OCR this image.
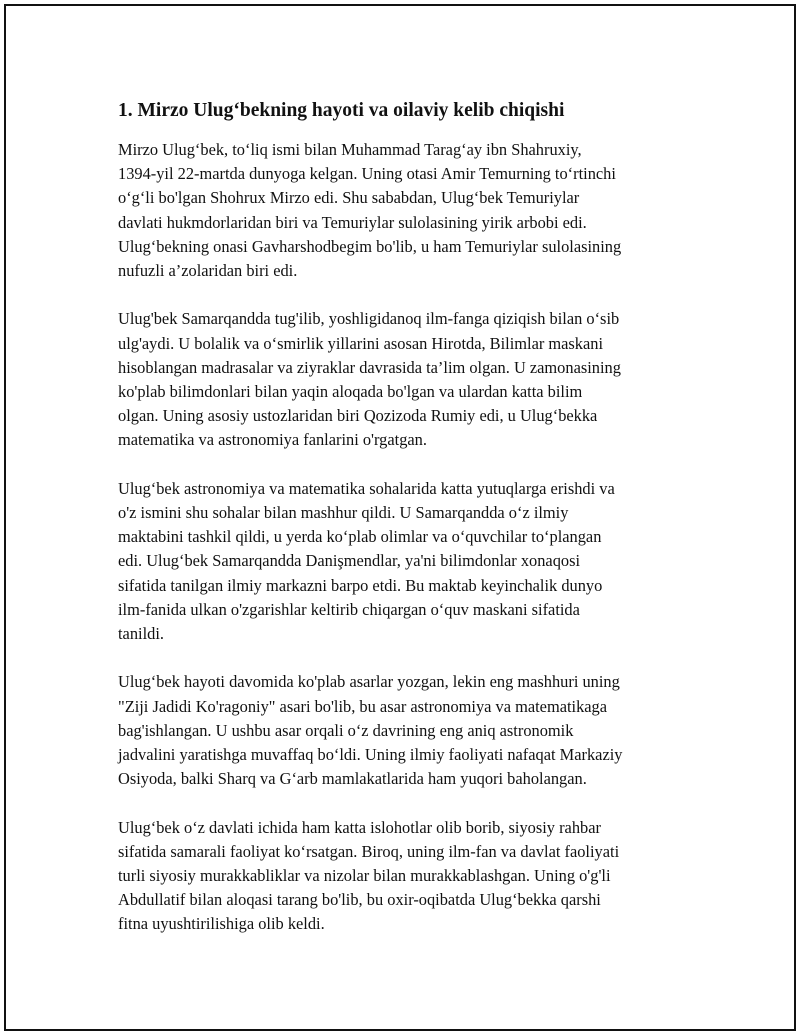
1. Mirzo Ulug‘bekning hayoti va oilaviy kelib chiqishi

Mirzo Ulug‘bek, to‘liq ismi bilan Muhammad Tarag‘ay ibn Shahruxiy,
1394-yil 22-martda dunyoga kelgan. Uning otasi Amir Temurning to‘rtinchi
o‘g‘li bo'lgan Shohrux Mirzo edi. Shu sababdan, Ulug‘bek Temuriylar
davlati hukmdorlaridan biri va Temuriylar sulolasining yirik arbobi edi.
Ulug‘bekning onasi Gavharshodbegim bo'lib, u ham Temuriylar sulolasining
nufuzli a’zolaridan biri edi.

Ulug'bek Samarqandda tug'ilib, yoshligidanoq ilm-fanga qiziqish bilan o‘sib
ulg'aydi. U bolalik va o‘smirlik yillarini asosan Hirotda, Bilimlar maskani
hisoblangan madrasalar va ziyraklar davrasida ta’lim olgan. U zamonasining
ko'plab bilimdonlari bilan yaqin aloqada bo'lgan va ulardan katta bilim
olgan. Uning asosiy ustozlaridan biri Qozizoda Rumiy edi, u Ulug‘bekka
matematika va astronomiya fanlarini o'rgatgan.

Ulug‘bek astronomiya va matematika sohalarida katta yutuqlarga erishdi va
o'z ismini shu sohalar bilan mashhur qildi. U Samarqandda o‘z ilmiy
maktabini tashkil qildi, u yerda ko‘plab olimlar va o‘quvchilar to‘plangan
edi. Ulug‘bek Samarqandda Danişmendlar, ya'ni bilimdonlar xonaqosi
sifatida tanilgan ilmiy markazni barpo etdi. Bu maktab keyinchalik dunyo
ilm-fanida ulkan o'zgarishlar keltirib chiqargan o‘quv maskani sifatida
tanildi.

Ulug‘bek hayoti davomida ko'plab asarlar yozgan, lekin eng mashhuri uning
"Ziji Jadidi Ko'ragoniy" asari bo'lib, bu asar astronomiya va matematikaga
bag'ishlangan. U ushbu asar orqali o‘z davrining eng aniq astronomik
jadvalini yaratishga muvaffaq bo‘ldi. Uning ilmiy faoliyati nafaqat Markaziy
Osiyoda, balki Sharq va G‘arb mamlakatlarida ham yuqori baholangan.

Ulug‘bek o‘z davlati ichida ham katta islohotlar olib borib, siyosiy rahbar
sifatida samarali faoliyat ko‘rsatgan. Biroq, uning ilm-fan va davlat faoliyati
turli siyosiy murakkabliklar va nizolar bilan murakkablashgan. Uning o'g'li
Abdullatif bilan aloqasi tarang bo'lib, bu oxir-oqibatda Ulug‘bekka qarshi
fitna uyushtirilishiga olib keldi.
